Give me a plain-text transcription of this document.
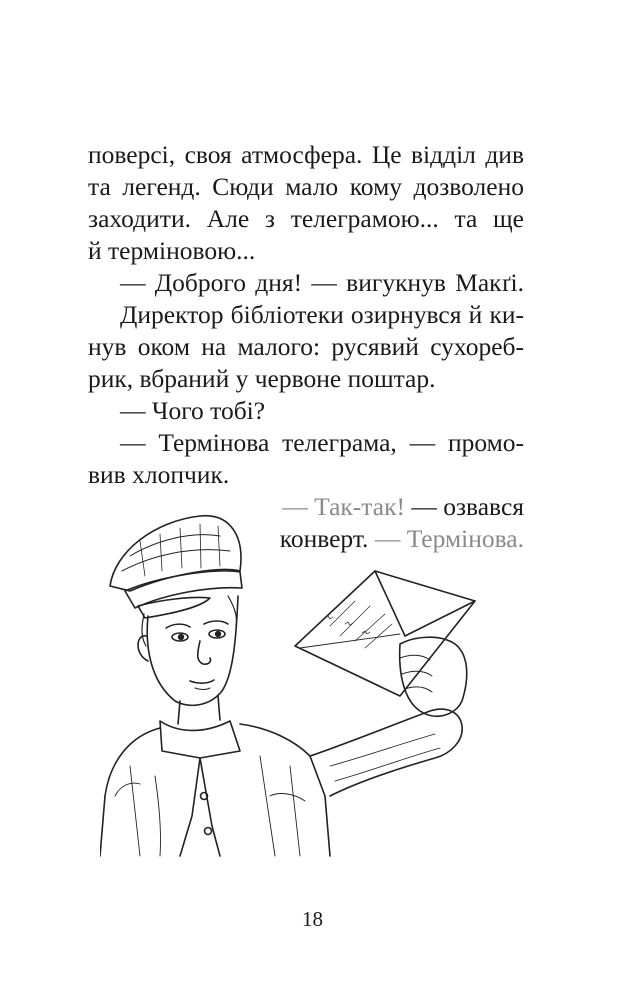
поверсі, своя атмосфера. Це відділ див
та легенд. Сюди мало кому дозволено
заходити. Але з телеграмою... та ще
й терміновою...
— Доброго дня! — вигукнув Макґі.
Директор бібліотеки озирнувся й ки-
нув оком на малого: русявий сухореб-
рик, вбраний у червоне поштар.
— Чого тобі?
— Термінова телеграма, — промо-
вив хлопчик.
— Так-так! — озвався
конверт. — Термінова.
18
